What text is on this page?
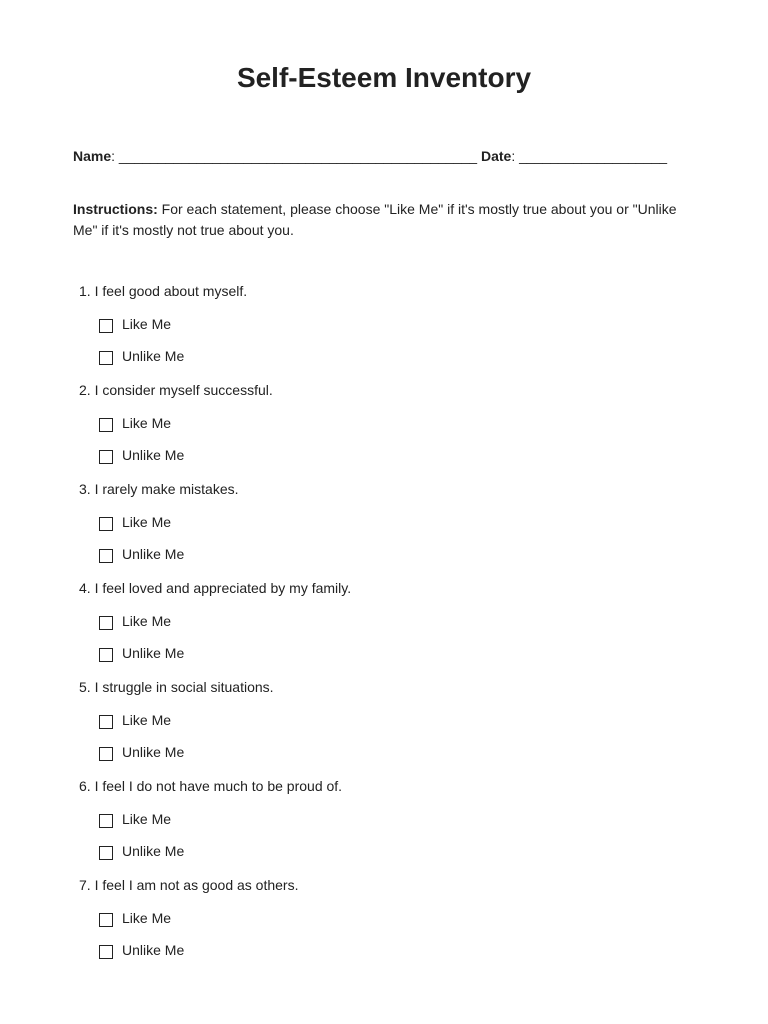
Self-Esteem Inventory
Name: ______________________________________________ Date: ___________________
Instructions: For each statement, please choose "Like Me" if it's mostly true about you or "Unlike Me" if it's mostly not true about you.
1. I feel good about myself.
Like Me
Unlike Me
2. I consider myself successful.
Like Me
Unlike Me
3. I rarely make mistakes.
Like Me
Unlike Me
4. I feel loved and appreciated by my family.
Like Me
Unlike Me
5. I struggle in social situations.
Like Me
Unlike Me
6. I feel I do not have much to be proud of.
Like Me
Unlike Me
7. I feel I am not as good as others.
Like Me
Unlike Me
